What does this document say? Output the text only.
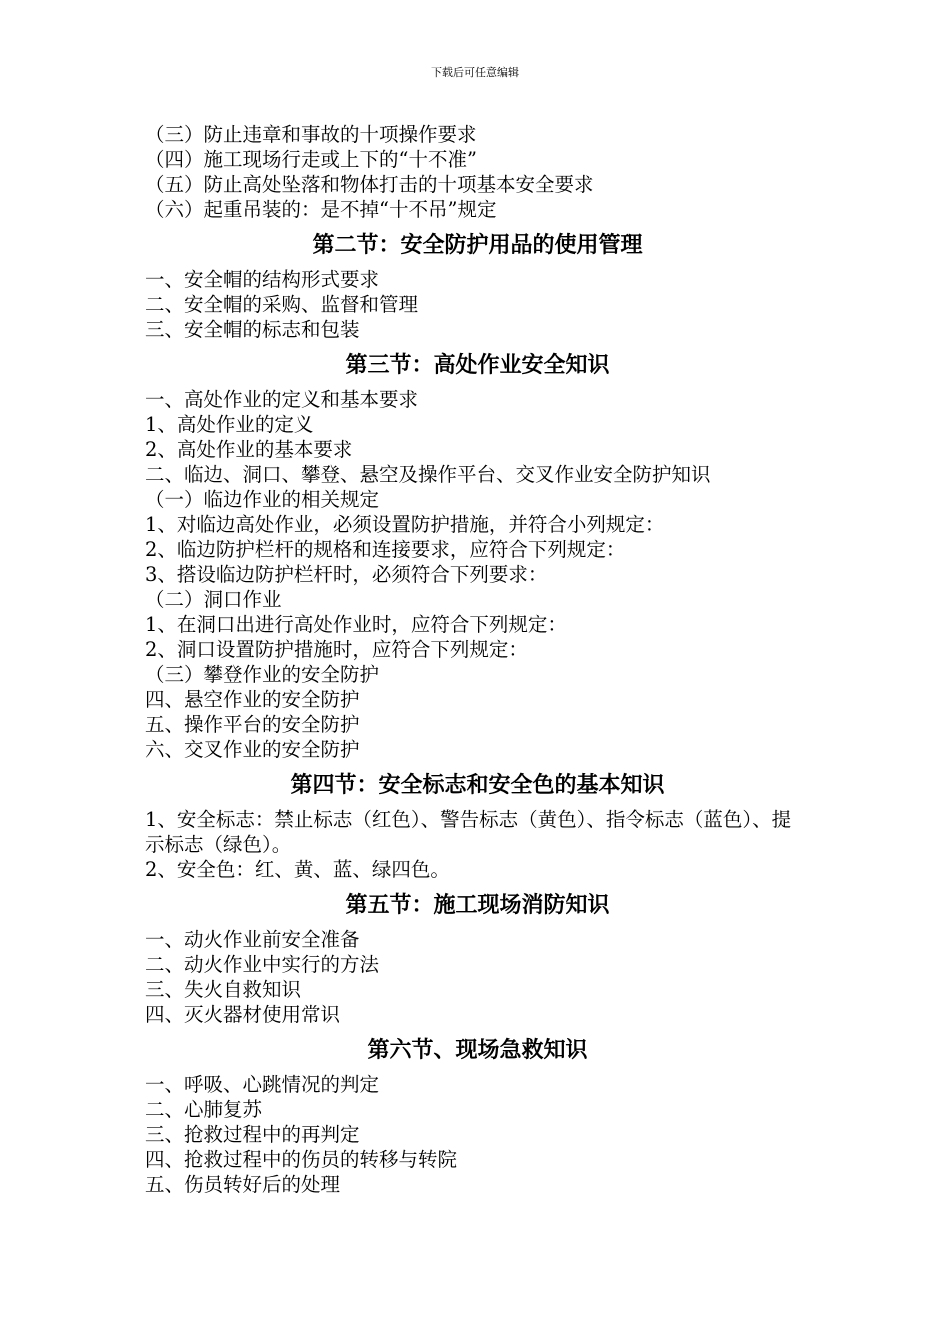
下载后可任意编辑
（三）防止违章和事故的十项操作要求
（四）施工现场行走或上下的“十不准”
（五）防止高处坠落和物体打击的十项基本安全要求
（六）起重吊装的：是不掉“十不吊”规定
第二节：安全防护用品的使用管理
一、安全帽的结构形式要求
二、安全帽的采购、监督和管理
三、安全帽的标志和包装
第三节：高处作业安全知识
一、高处作业的定义和基本要求
1、高处作业的定义
2、高处作业的基本要求
二、临边、洞口、攀登、悬空及操作平台、交叉作业安全防护知识
（一）临边作业的相关规定
1、对临边高处作业，必须设置防护措施，并符合小列规定：
2、临边防护栏杆的规格和连接要求，应符合下列规定：
3、搭设临边防护栏杆时，必须符合下列要求：
（二）洞口作业
1、在洞口出进行高处作业时，应符合下列规定：
2、洞口设置防护措施时，应符合下列规定：
（三）攀登作业的安全防护
四、悬空作业的安全防护
五、操作平台的安全防护
六、交叉作业的安全防护
第四节：安全标志和安全色的基本知识
1、安全标志：禁止标志（红色）、警告标志（黄色）、指令标志（蓝色）、提示标志（绿色）。
2、安全色：红、黄、蓝、绿四色。
第五节：施工现场消防知识
一、动火作业前安全准备
二、动火作业中实行的方法
三、失火自救知识
四、灭火器材使用常识
第六节、现场急救知识
一、呼吸、心跳情况的判定
二、心肺复苏
三、抢救过程中的再判定
四、抢救过程中的伤员的转移与转院
五、伤员转好后的处理
